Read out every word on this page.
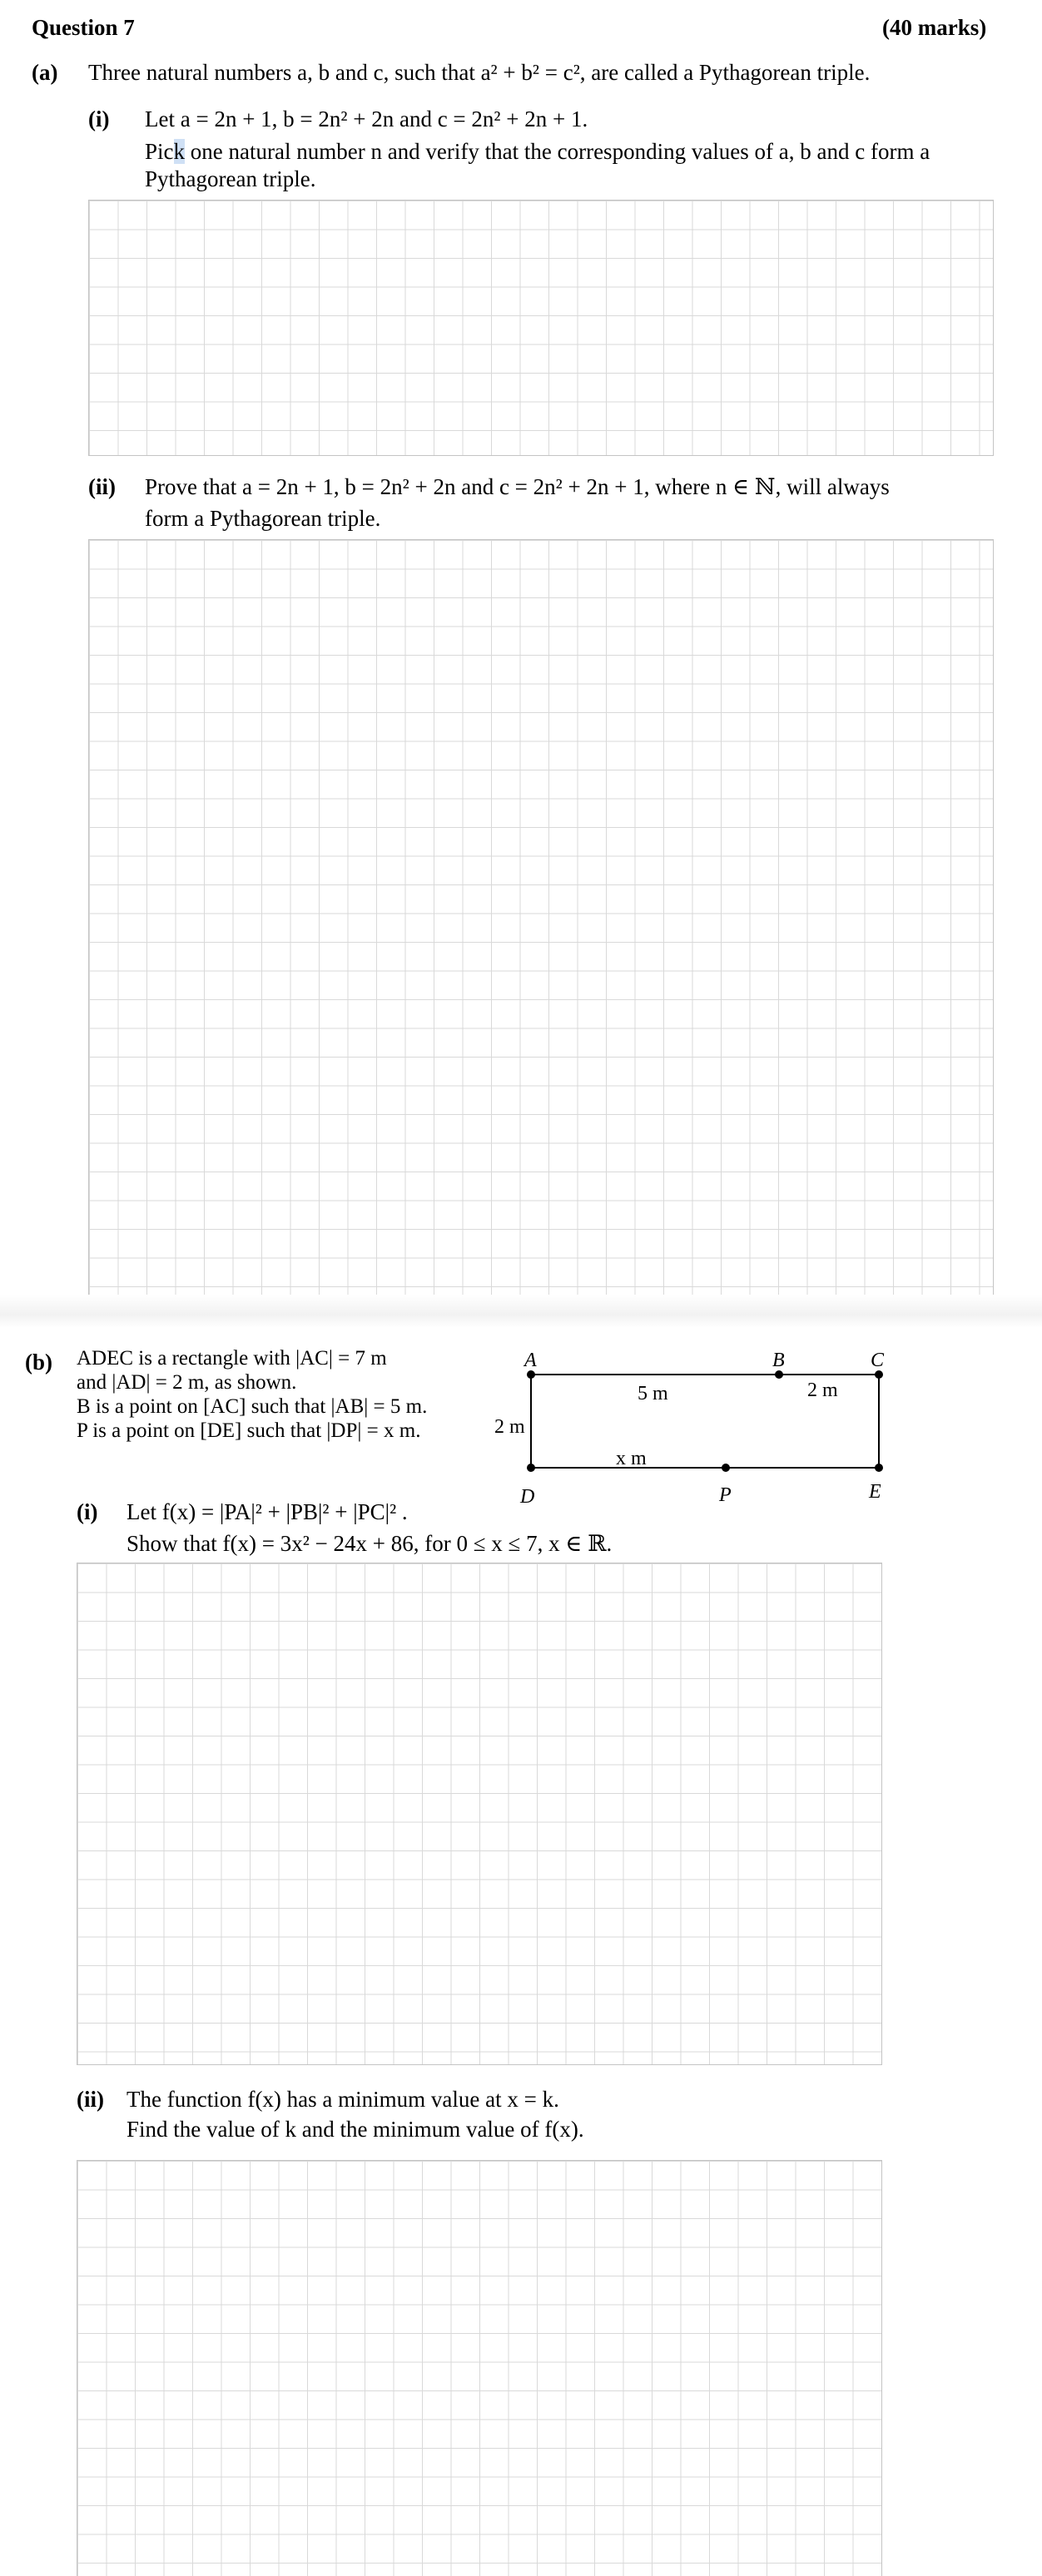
Question 7	(40 marks)
(a) Three natural numbers a, b and c, such that a² + b² = c², are called a Pythagorean triple.
(i) Let a = 2n + 1, b = 2n² + 2n and c = 2n² + 2n + 1.
Pick one natural number n and verify that the corresponding values of a, b and c form a
Pythagorean triple.
(ii) Prove that a = 2n + 1, b = 2n² + 2n and c = 2n² + 2n + 1, where n ∈ ℕ, will always
form a Pythagorean triple.
(b) ADEC is a rectangle with |AC| = 7 m
and |AD| = 2 m, as shown.
B is a point on [AC] such that |AB| = 5 m.
P is a point on [DE] such that |DP| = x m.
A	B	C
D	P	E
5 m	2 m
2 m
x m
(i) Let f(x) = |PA|² + |PB|² + |PC|² .
Show that f(x) = 3x² − 24x + 86, for 0 ≤ x ≤ 7, x ∈ ℝ.
(ii) The function f(x) has a minimum value at x = k.
Find the value of k and the minimum value of f(x).
